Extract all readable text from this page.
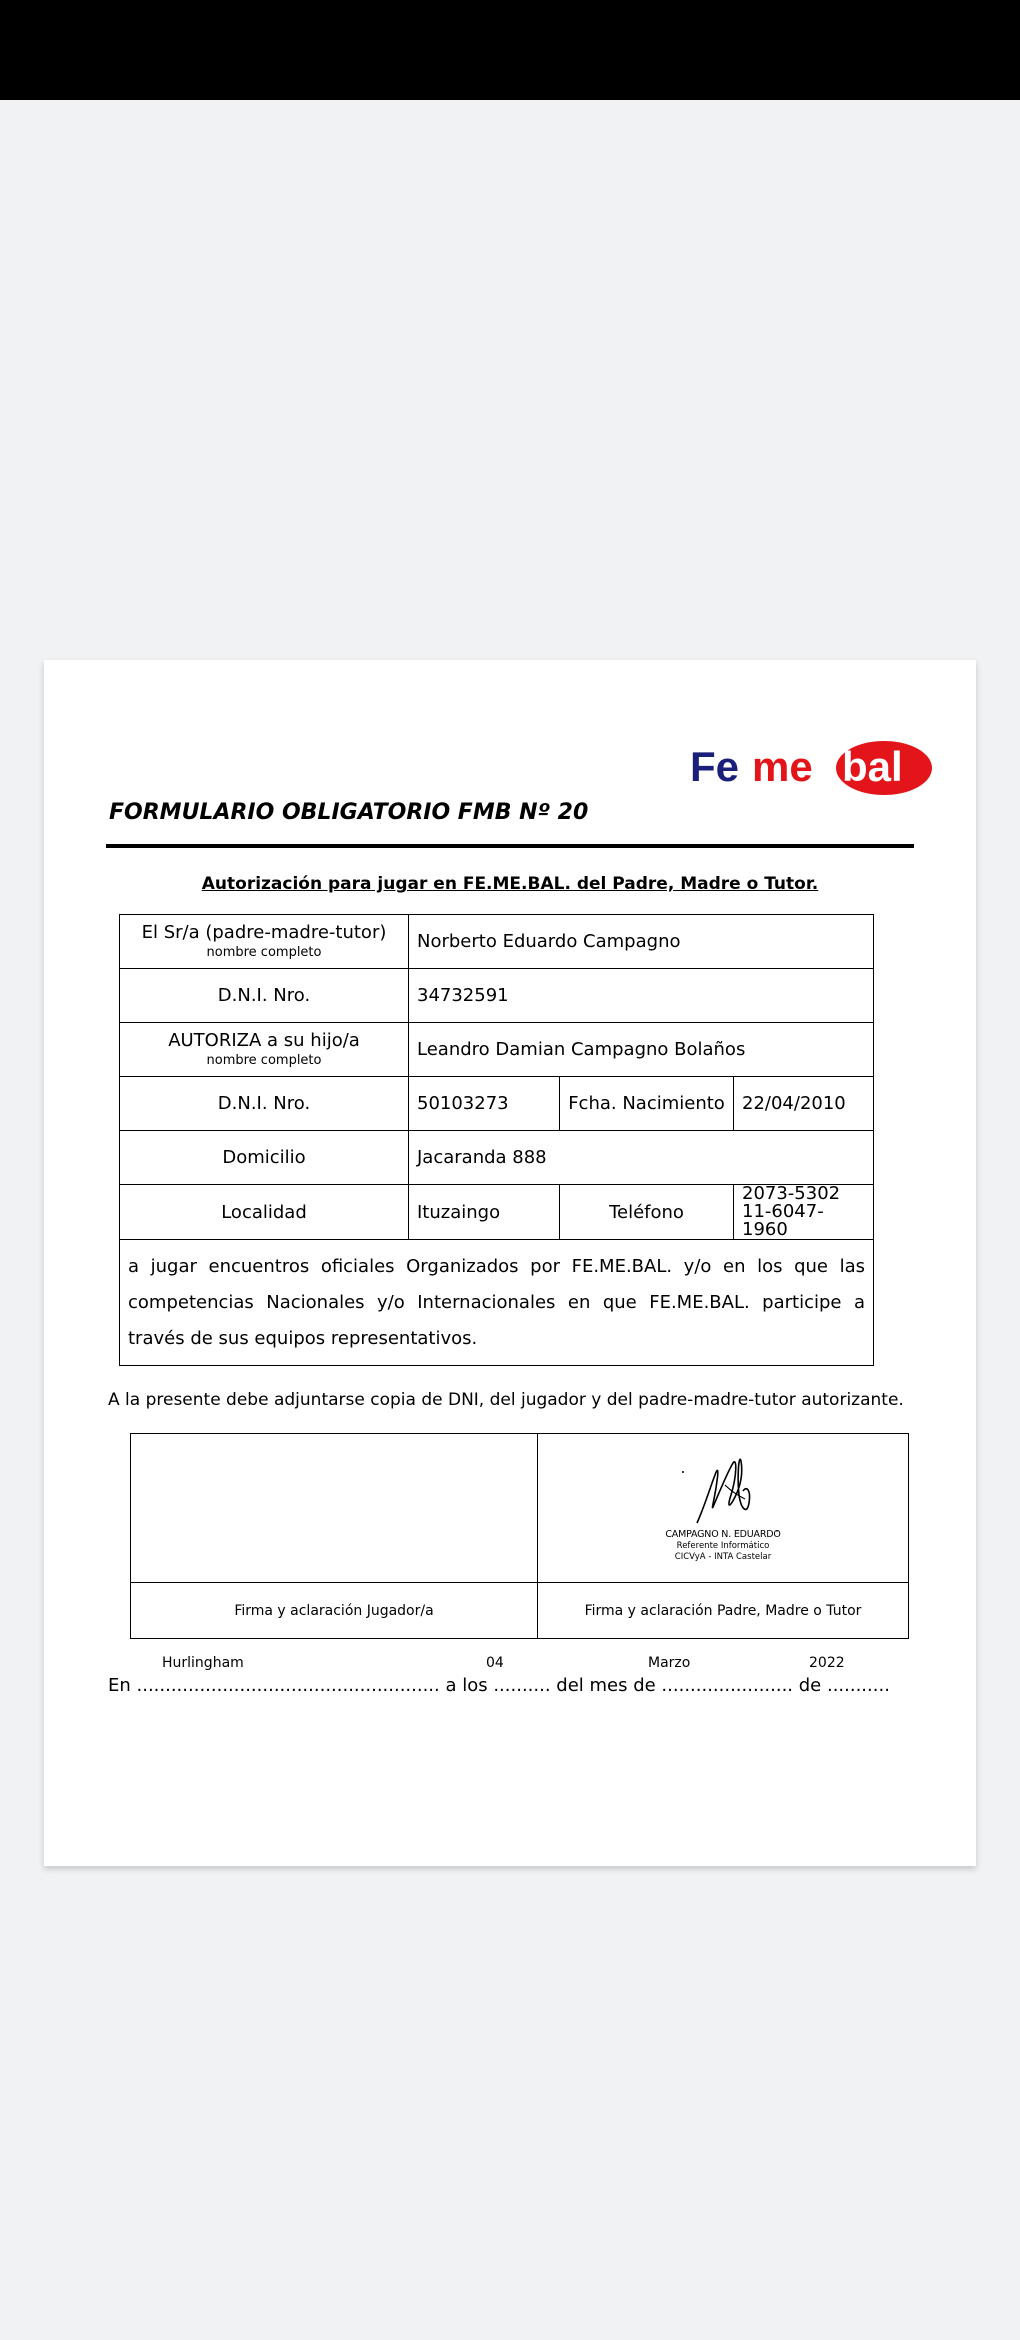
Fe me bal
FORMULARIO OBLIGATORIO FMB Nº 20
Autorización para jugar en FE.ME.BAL. del Padre, Madre o Tutor.
El Sr/a (padre-madre-tutor)
nombre completo	Norberto Eduardo Campagno		
D.N.I. Nro.	34732591		

AUTORIZA a su hijo/a
nombre completo	Leandro Damian Campagno Bolaños		
D.N.I. Nro.	50103273	Fcha. Nacimiento	22/04/2010
Domicilio	Jacaranda 888		
Localidad	Ituzaingo	Teléfono	2073-5302
11-6047-1960

a jugar encuentros oficiales Organizados por FE.ME.BAL. y/o en los que las competencias Nacionales y/o Internacionales en que FE.ME.BAL. participe a través de sus equipos representativos.			
A la presente debe adjuntarse copia de DNI, del jugador y del padre-madre-tutor autorizante.

	CAMPAGNO N. EDUARDO
Referente Informático
CICVyA - INTA Castelar

Firma y aclaración Jugador/a	Firma y aclaración Padre, Madre o Tutor
Hurlingham	04	Marzo	2022
En ..................................................... a los .......... del mes de ....................... de ...........
